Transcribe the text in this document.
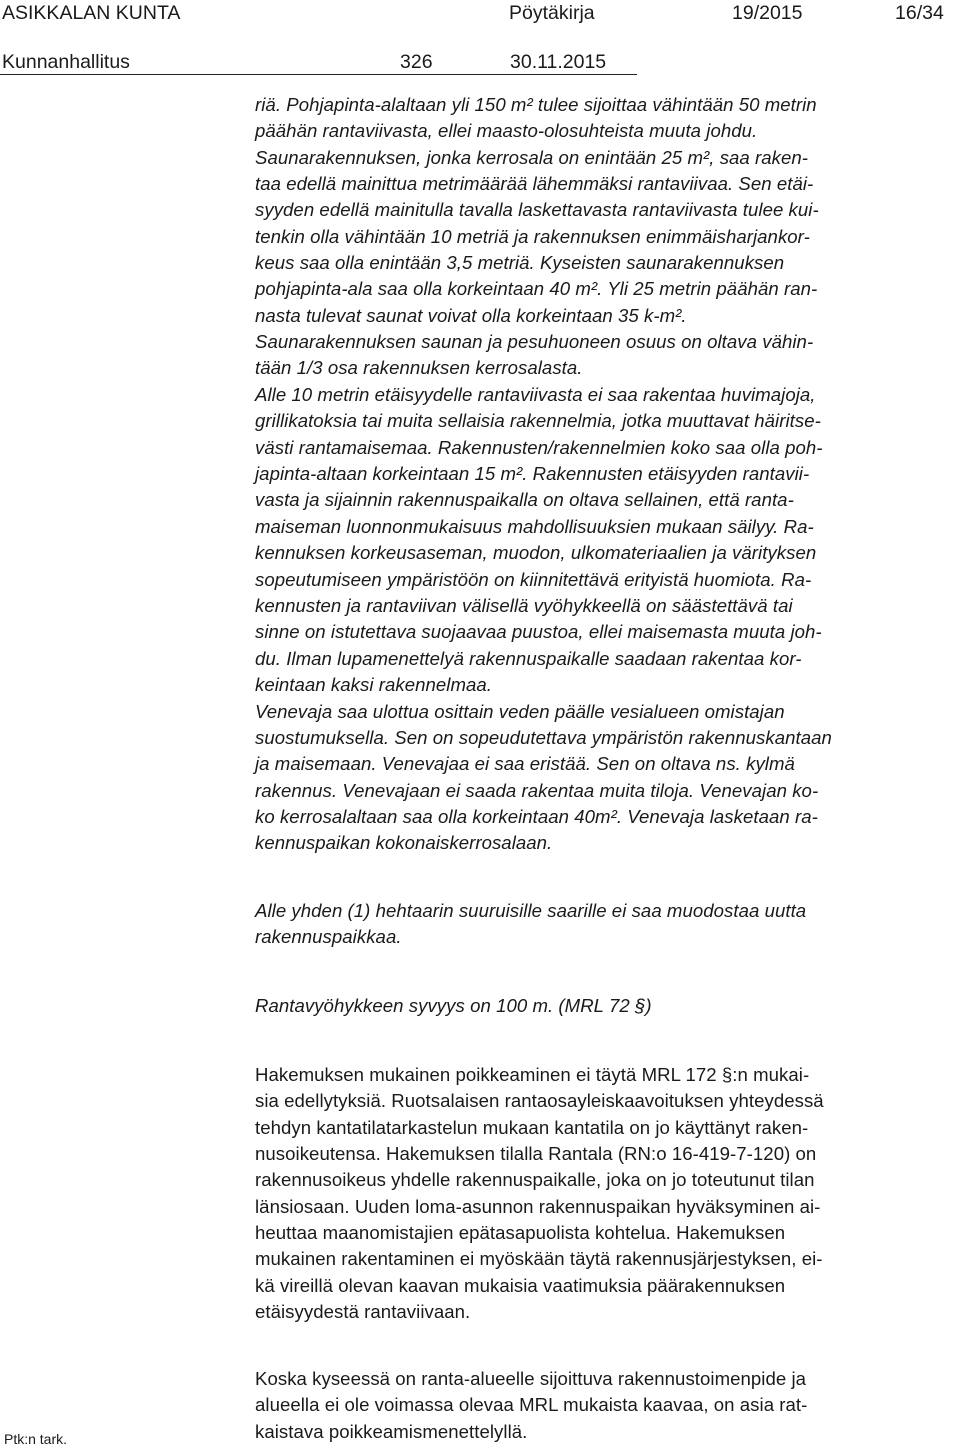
ASIKKALAN KUNTA	Pöytäkirja	19/2015	16/34
Kunnanhallitus	326	30.11.2015
riä. Pohjapinta-alaltaan yli 150 m² tulee sijoittaa vähintään 50 metrin
päähän rantaviivasta, ellei maasto-olosuhteista muuta johdu.
Saunarakennuksen, jonka kerrosala on enintään 25 m², saa raken-
taa edellä mainittua metrimäärää lähemmäksi rantaviivaa. Sen etäi-
syyden edellä mainitulla tavalla laskettavasta rantaviivasta tulee kui-
tenkin olla vähintään 10 metriä ja rakennuksen enimmäisharjankor-
keus saa olla enintään 3,5 metriä. Kyseisten saunarakennuksen
pohjapinta-ala saa olla korkeintaan 40 m². Yli 25 metrin päähän ran-
nasta tulevat saunat voivat olla korkeintaan 35 k-m².
Saunarakennuksen saunan ja pesuhuoneen osuus on oltava vähin-
tään 1/3 osa rakennuksen kerrosalasta.
Alle 10 metrin etäisyydelle rantaviivasta ei saa rakentaa huvimajoja,
grillikatoksia tai muita sellaisia rakennelmia, jotka muuttavat häiritse-
västi rantamaisemaa. Rakennusten/rakennelmien koko saa olla poh-
japinta-altaan korkeintaan 15 m². Rakennusten etäisyyden rantavii-
vasta ja sijainnin rakennuspaikalla on oltava sellainen, että ranta-
maiseman luonnonmukaisuus mahdollisuuksien mukaan säilyy. Ra-
kennuksen korkeusaseman, muodon, ulkomateriaalien ja värityksen
sopeutumiseen ympäristöön on kiinnitettävä erityistä huomiota. Ra-
kennusten ja rantaviivan välisellä vyöhykkeellä on säästettävä tai
sinne on istutettava suojaavaa puustoa, ellei maisemasta muuta joh-
du. Ilman lupamenettelyä rakennuspaikalle saadaan rakentaa kor-
keintaan kaksi rakennelmaa.
Venevaja saa ulottua osittain veden päälle vesialueen omistajan
suostumuksella. Sen on sopeudutettava ympäristön rakennuskantaan
ja maisemaan. Venevajaa ei saa eristää. Sen on oltava ns. kylmä
rakennus. Venevajaan ei saada rakentaa muita tiloja. Venevajan ko-
ko kerrosalaltaan saa olla korkeintaan 40m². Venevaja lasketaan ra-
kennuspaikan kokonaiskerrosalaan.
Alle yhden (1) hehtaarin suuruisille saarille ei saa muodostaa uutta
rakennuspaikkaa.
Rantavyöhykkeen syvyys on 100 m. (MRL 72 §)
Hakemuksen mukainen poikkeaminen ei täytä MRL 172 §:n mukai-
sia edellytyksiä. Ruotsalaisen rantaosayleiskaavoituksen yhteydessä
tehdyn kantatilatarkastelun mukaan kantatila on jo käyttänyt raken-
nusoikeutensa. Hakemuksen tilalla Rantala (RN:o 16-419-7-120) on
rakennusoikeus yhdelle rakennuspaikalle, joka on jo toteutunut tilan
länsiosaan. Uuden loma-asunnon rakennuspaikan hyväksyminen ai-
heuttaa maanomistajien epätasapuolista kohtelua. Hakemuksen
mukainen rakentaminen ei myöskään täytä rakennusjärjestyksen, ei-
kä vireillä olevan kaavan mukaisia vaatimuksia päärakennuksen
etäisyydestä rantaviivaan.
Koska kyseessä on ranta-alueelle sijoittuva rakennustoimenpide ja
alueella ei ole voimassa olevaa MRL mukaista kaavaa, on asia rat-
kaistava poikkeamismenettelyllä.
Ptk:n tark.
